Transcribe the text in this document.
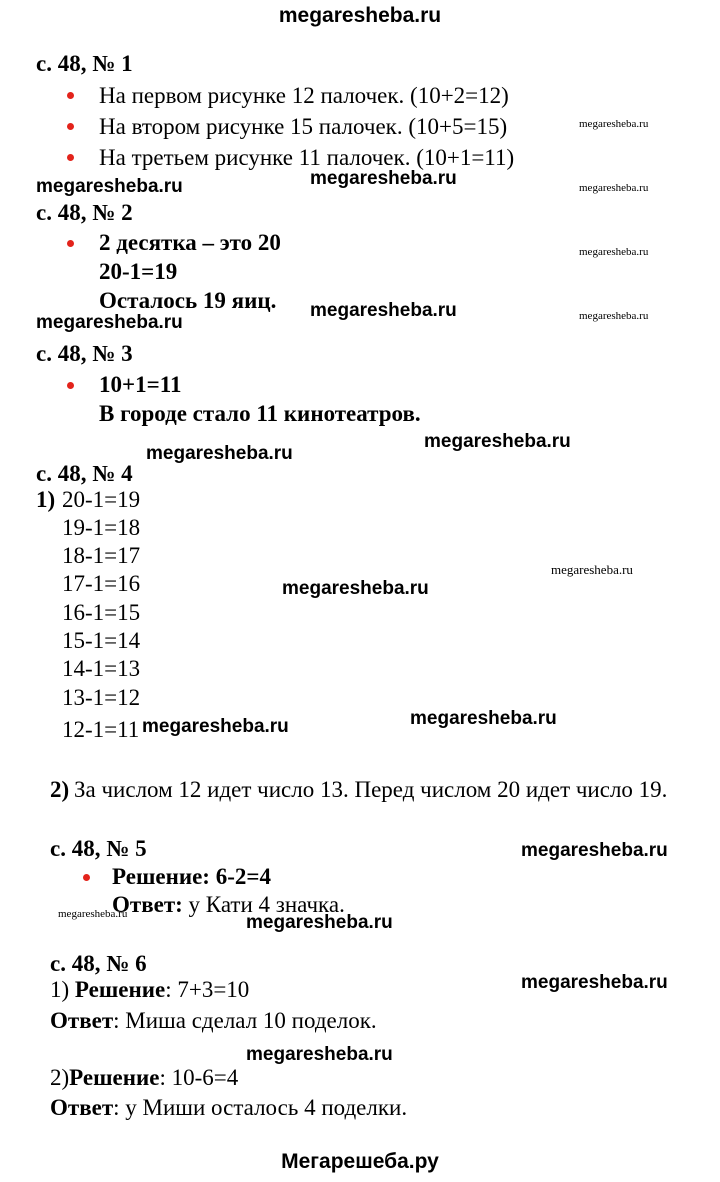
megaresheba.ru
с. 48, № 1
На первом рисунке 12 палочек. (10+2=12)
На втором рисунке 15 палочек. (10+5=15)
На третьем рисунке 11 палочек. (10+1=11)
с. 48, № 2
2 десятка – это 20
20-1=19
Осталось 19 яиц.
с. 48, № 3
10+1=11
В городе стало 11 кинотеатров.
с. 48, № 4
1) 20-1=19
19-1=18
18-1=17
17-1=16
16-1=15
15-1=14
14-1=13
13-1=12
12-1=11
2) За числом 12 идет число 13. Перед числом 20 идет число 19.
с. 48, № 5
Решение: 6-2=4
Ответ: у Кати 4 значка.
с. 48, № 6
1) Решение: 7+3=10
Ответ: Миша сделал 10 поделок.
2)Решение: 10-6=4
Ответ: у Миши осталось 4 поделки.
megaresheba.ru
megaresheba.ru	megaresheba.ru	megaresheba.ru
megaresheba.ru
megaresheba.ru	megaresheba.ru
megaresheba.ru
megaresheba.ru
megaresheba.ru
megaresheba.ru
megaresheba.ru
megaresheba.ru
megaresheba.ru
megaresheba.ru
megaresheba.ru	megaresheba.ru
megaresheba.ru
megaresheba.ru
Мегарешеба.ру
